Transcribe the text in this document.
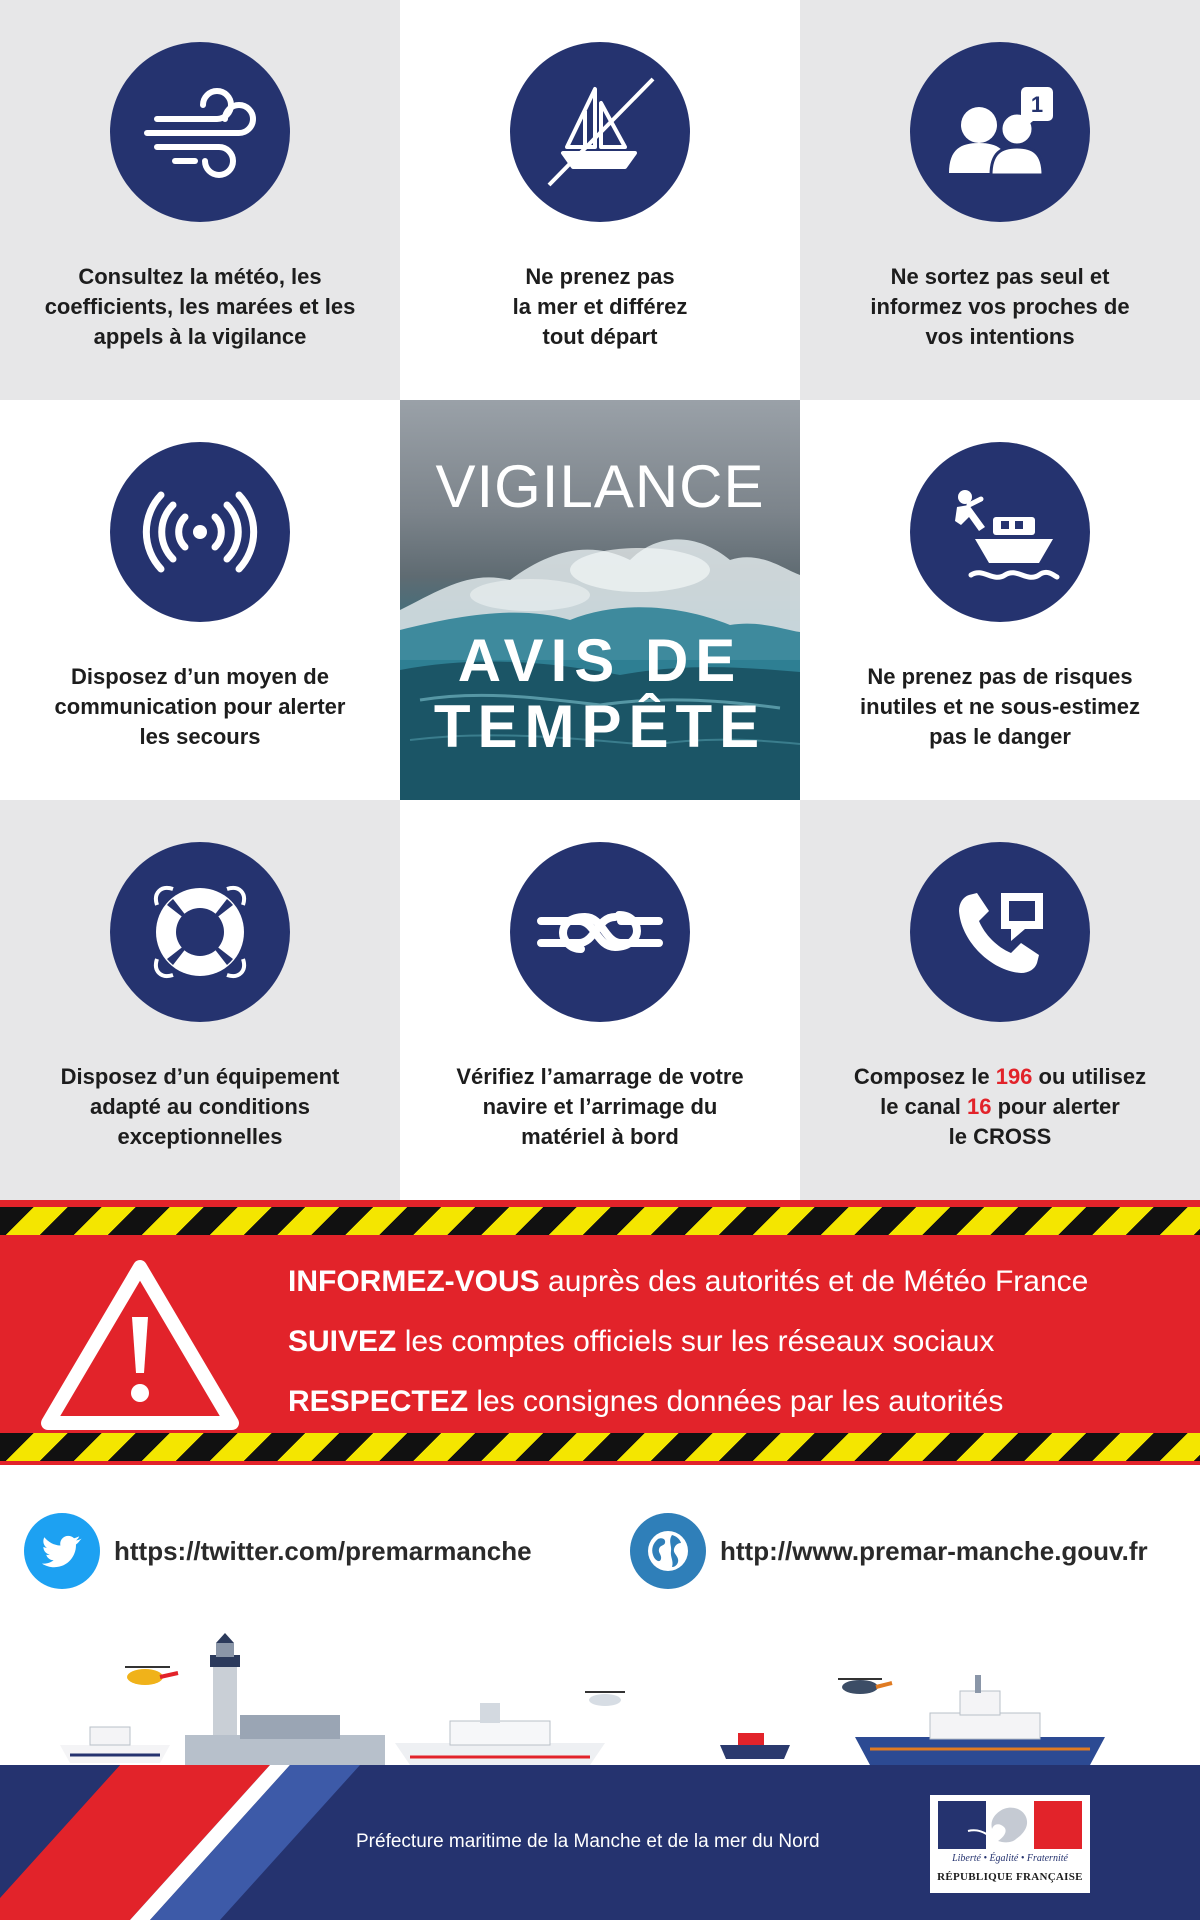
Consultez la météo, les
coefficients, les marées et les
appels à la vigilance
Ne prenez pas
la mer et différez
tout départ
1
Ne sortez pas seul et
informez vos proches de
vos intentions
Disposez d’un moyen de
communication pour alerter
les secours
VIGILANCE
AVIS DE
TEMPÊTE
Ne prenez pas de risques
inutiles et ne sous-estimez
pas le danger
Disposez d’un équipement
adapté au conditions
exceptionnelles
Vérifiez l’amarrage de votre
navire et l’arrimage du
matériel à bord
Composez le 196 ou utilisez
le canal 16 pour alerter
le CROSS
INFORMEZ-VOUS auprès des autorités et de Météo France
SUIVEZ les comptes officiels sur les réseaux sociaux
RESPECTEZ les consignes données par les autorités
https://twitter.com/premarmanche	http://www.premar-manche.gouv.fr
Préfecture maritime de la Manche et de la mer du Nord
Liberté • Égalité • Fraternité
RÉPUBLIQUE FRANÇAISE
